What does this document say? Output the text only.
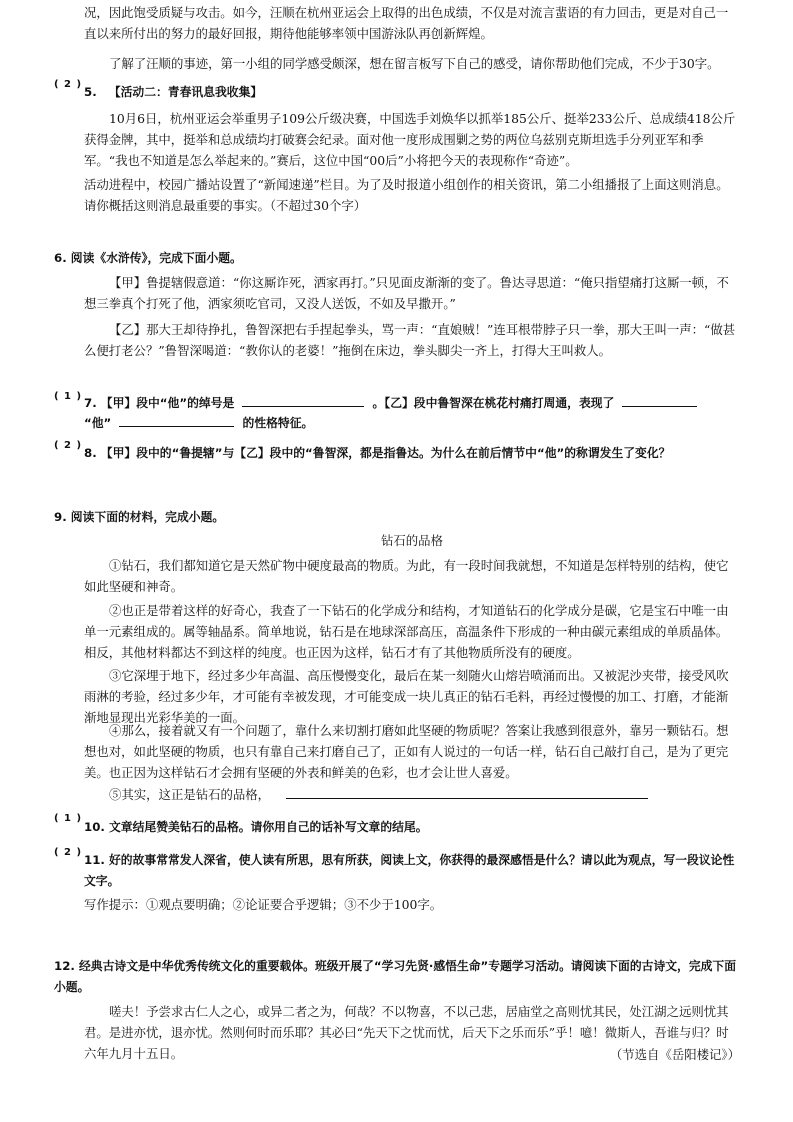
况，因此饱受质疑与攻击。如今，汪顺在杭州亚运会上取得的出色成绩，不仅是对流言蜚语的有力回击，更是对自己一直以来所付出的努力的最好回报，期待他能够率领中国游泳队再创新辉煌。

了解了汪顺的事迹，第一小组的同学感受颇深，想在留言板写下自己的感受，请你帮助他们完成，不少于30字。

( 2 )
5. 【活动二：青春讯息我收集】

10月6日，杭州亚运会举重男子109公斤级决赛，中国选手刘焕华以抓举185公斤、挺举233公斤、总成绩418公斤获得金牌，其中，挺举和总成绩均打破赛会纪录。面对他一度形成围剿之势的两位乌兹别克斯坦选手分列亚军和季军。“我也不知道是怎么举起来的。”赛后，这位中国“00后”小将把今天的表现称作“奇迹”。

活动进程中，校园广播站设置了“新闻速递”栏目。为了及时报道小组创作的相关资讯，第二小组播报了上面这则消息。请你概括这则消息最重要的事实。（不超过30个字）

6. 阅读《水浒传》，完成下面小题。

【甲】鲁提辖假意道：“你这厮诈死，洒家再打。”只见面皮渐渐的变了。鲁达寻思道：“俺只指望痛打这厮一顿，不想三拳真个打死了他，洒家须吃官司，又没人送饭，不如及早撒开。”

【乙】那大王却待挣扎，鲁智深把右手捏起拳头，骂一声：“直娘贼！”连耳根带脖子只一拳，那大王叫一声：“做甚么便打老公？”鲁智深喝道：“教你认的老婆！”拖倒在床边，拳头脚尖一齐上，打得大王叫救人。

( 1 ) 7. 【甲】段中“他”的绰号是	。【乙】段中鲁智深在桃花村痛打周通，表现了
“他”	的性格特征。
( 2 )
8. 【甲】段中的“鲁提辖”与【乙】段中的“鲁智深，都是指鲁达。为什么在前后情节中“他”的称谓发生了变化？
9. 阅读下面的材料，完成小题。
钻石的品格

①钻石，我们都知道它是天然矿物中硬度最高的物质。为此，有一段时间我就想，不知道是怎样特别的结构，使它如此坚硬和神奇。

②也正是带着这样的好奇心，我查了一下钻石的化学成分和结构，才知道钻石的化学成分是碳，它是宝石中唯一由单一元素组成的。属等轴晶系。简单地说，钻石是在地球深部高压，高温条件下形成的一种由碳元素组成的单质晶体。相反，其他材料都达不到这样的纯度。也正因为这样，钻石才有了其他物质所没有的硬度。

③它深埋于地下，经过多少年高温、高压慢慢变化，最后在某一刻随火山熔岩喷涌而出。又被泥沙夹带，接受风吹雨淋的考验，经过多少年，才可能有幸被发现，才可能变成一块儿真正的钻石毛料，再经过慢慢的加工、打磨，才能渐渐地显现出光彩华美的一面。

④那么，接着就又有一个问题了，靠什么来切割打磨如此坚硬的物质呢？答案让我感到很意外，靠另一颗钻石。想想也对，如此坚硬的物质，也只有靠自己来打磨自己了，正如有人说过的一句话一样，钻石自己敲打自己，是为了更完美。也正因为这样钻石才会拥有坚硬的外表和鲜美的色彩，也才会让世人喜爱。

⑤其实，这正是钻石的品格，
( 1 )
10. 文章结尾赞美钻石的品格。请你用自己的话补写文章的结尾。
( 2 )
11. 好的故事常常发人深省，使人读有所思，思有所获，阅读上文，你获得的最深感悟是什么？请以此为观点，写一段议论性文字。

写作提示：①观点要明确；②论证要合乎逻辑；③不少于100字。

12. 经典古诗文是中华优秀传统文化的重要载体。班级开展了“学习先贤·感悟生命”专题学习活动。请阅读下面的古诗文，完成下面小题。

嗟夫！予尝求古仁人之心，或异二者之为，何哉？不以物喜，不以己悲，居庙堂之高则忧其民，处江湖之远则忧其君。是进亦忧，退亦忧。然则何时而乐耶？其必曰“先天下之忧而忧，后天下之乐而乐”乎！噫！微斯人，吾谁与归？时六年九月十五日。	（节选自《岳阳楼记》）
